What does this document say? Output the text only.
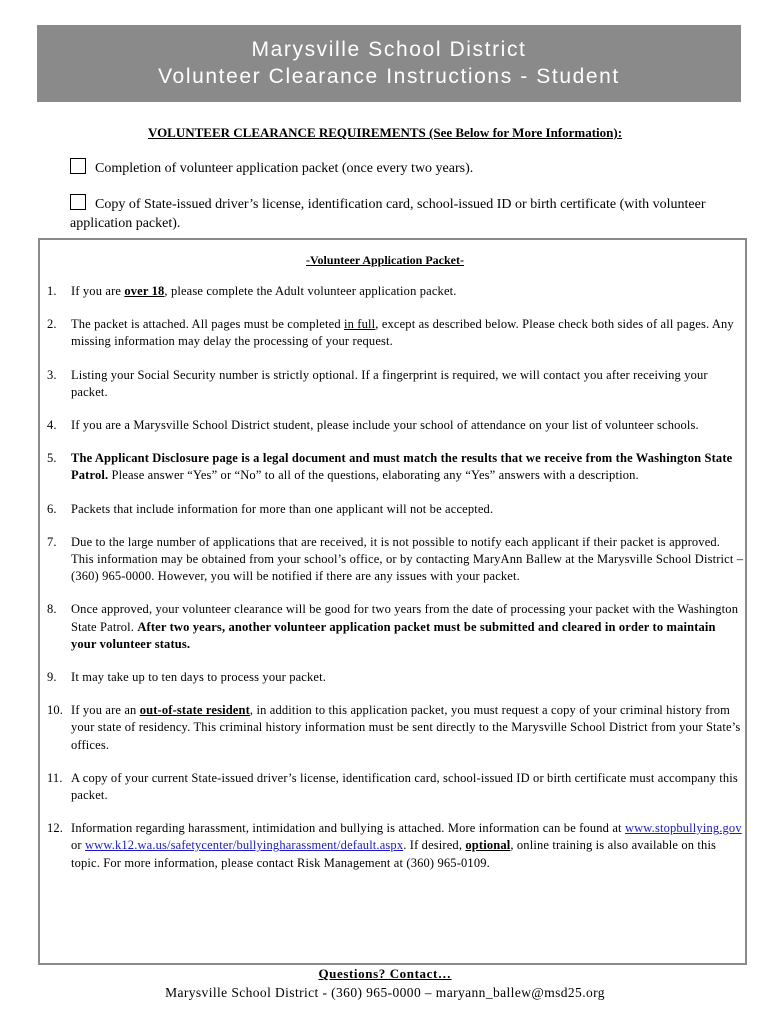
Marysville School District
Volunteer Clearance Instructions - Student
VOLUNTEER CLEARANCE REQUIREMENTS (See Below for More Information):
Completion of volunteer application packet (once every two years).
Copy of State-issued driver’s license, identification card, school-issued ID or birth certificate (with volunteer application packet).
-Volunteer Application Packet-
1. If you are over 18, please complete the Adult volunteer application packet.
2. The packet is attached. All pages must be completed in full, except as described below. Please check both sides of all pages. Any missing information may delay the processing of your request.
3. Listing your Social Security number is strictly optional. If a fingerprint is required, we will contact you after receiving your packet.
4. If you are a Marysville School District student, please include your school of attendance on your list of volunteer schools.
5. The Applicant Disclosure page is a legal document and must match the results that we receive from the Washington State Patrol. Please answer “Yes” or “No” to all of the questions, elaborating any “Yes” answers with a description.
6. Packets that include information for more than one applicant will not be accepted.
7. Due to the large number of applications that are received, it is not possible to notify each applicant if their packet is approved. This information may be obtained from your school’s office, or by contacting MaryAnn Ballew at the Marysville School District – (360) 965-0000. However, you will be notified if there are any issues with your packet.
8. Once approved, your volunteer clearance will be good for two years from the date of processing your packet with the Washington State Patrol. After two years, another volunteer application packet must be submitted and cleared in order to maintain your volunteer status.
9. It may take up to ten days to process your packet.
10. If you are an out-of-state resident, in addition to this application packet, you must request a copy of your criminal history from your state of residency. This criminal history information must be sent directly to the Marysville School District from your State’s offices.
11. A copy of your current State-issued driver’s license, identification card, school-issued ID or birth certificate must accompany this packet.
12. Information regarding harassment, intimidation and bullying is attached. More information can be found at www.stopbullying.gov or www.k12.wa.us/safetycenter/bullyingharassment/default.aspx. If desired, optional, online training is also available on this topic. For more information, please contact Risk Management at (360) 965-0109.
Questions? Contact…
Marysville School District - (360) 965-0000 – maryann_ballew@msd25.org
